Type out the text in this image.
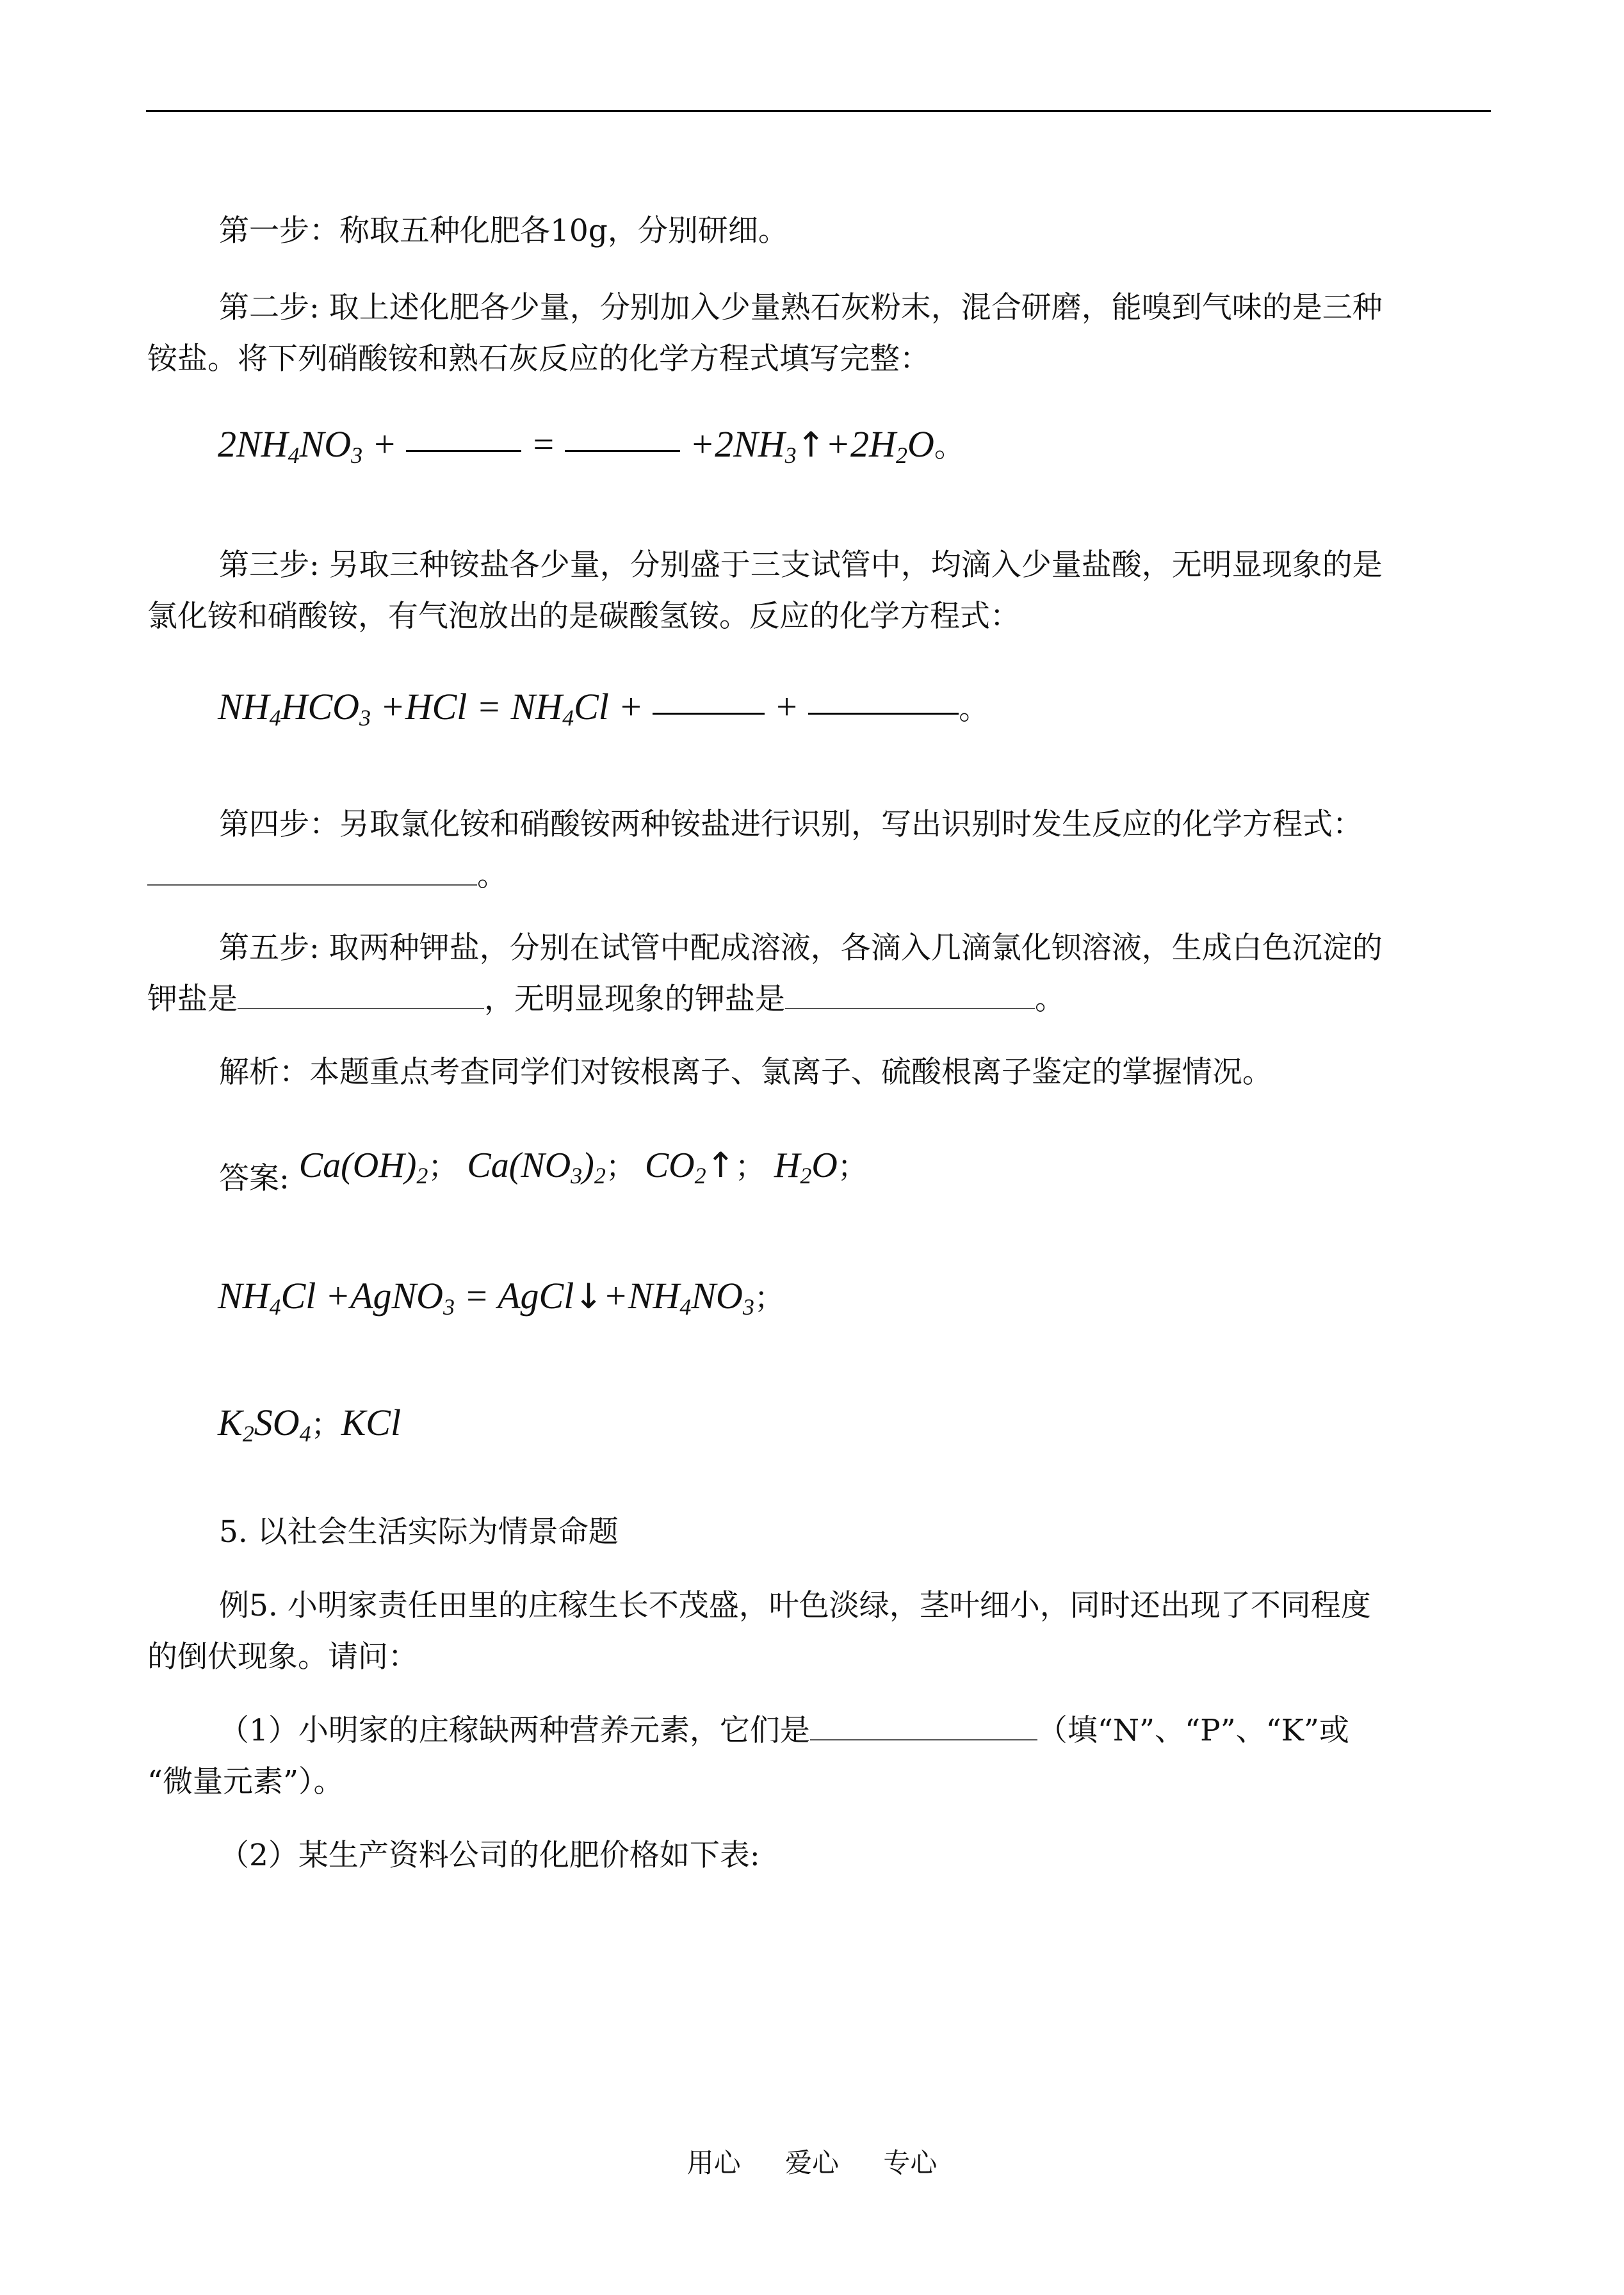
第一步：称取五种化肥各10g，分别研细。
第二步: 取上述化肥各少量，分别加入少量熟石灰粉末，混合研磨，能嗅到气味的是三种
铵盐。将下列硝酸铵和熟石灰反应的化学方程式填写完整：
$2NH_4NO_3$ +	=	$+2NH_3↑+2H_2O$。
第三步: 另取三种铵盐各少量，分别盛于三支试管中，均滴入少量盐酸，无明显现象的是
氯化铵和硝酸铵，有气泡放出的是碳酸氢铵。反应的化学方程式：
$NH_4HCO_3 +HCl = NH_4Cl$ +	+	。
第四步：另取氯化铵和硝酸铵两种铵盐进行识别，写出识别时发生反应的化学方程式：
。
第五步: 取两种钾盐，分别在试管中配成溶液，各滴入几滴氯化钡溶液，生成白色沉淀的
钾盐是	，无明显现象的钾盐是	。
解析：本题重点考查同学们对铵根离子、氯离子、硫酸根离子鉴定的掌握情况。
答案: $Ca(OH)_2$； $Ca(NO_3)_2$； $CO_2↑$； $H_2O$；
$NH_4Cl$ +AgNO$_3$ = $AgCl↓+NH_4NO_3$；
$K_2SO_4$；KCl
5. 以社会生活实际为情景命题
例5. 小明家责任田里的庄稼生长不茂盛，叶色淡绿，茎叶细小，同时还出现了不同程度
的倒伏现象。请问：
（1）小明家的庄稼缺两种营养元素，它们是	（填“N”、“P”、“K”或
“微量元素”）。
（2）某生产资料公司的化肥价格如下表:
用心 爱心 专心
